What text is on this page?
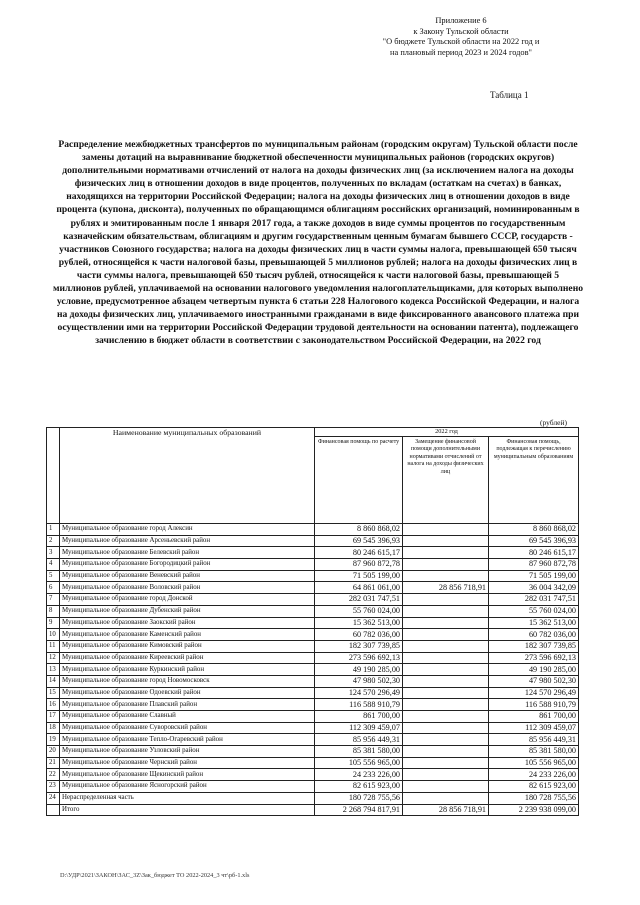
Приложение 6
к Закону Тульской области
"О бюджете Тульской области на 2022 год и
на плановый период 2023 и 2024 годов"
Таблица 1
Распределение межбюджетных трансфертов по муниципальным районам (городским округам) Тульской области после замены дотаций на выравнивание бюджетной обеспеченности муниципальных районов (городских округов) дополнительными нормативами отчислений от налога на доходы физических лиц (за исключением налога на доходы физических лиц в отношении доходов в виде процентов, полученных по вкладам (остаткам на счетах) в банках, находящихся на территории Российской Федерации; налога на доходы физических лиц в отношении доходов в виде процента (купона, дисконта), полученных по обращающимся облигациям российских организаций, номинированным в рублях и эмитированным после 1 января 2017 года, а также доходов в виде суммы процентов по государственным казначейским обязательствам, облигациям и другим государственным ценным бумагам бывшего СССР, государств - участников Союзного государства; налога на доходы физических лиц в части суммы налога, превышающей 650 тысяч рублей, относящейся к части налоговой базы, превышающей 5 миллионов рублей; налога на доходы физических лиц в части суммы налога, превышающей 650 тысяч рублей, относящейся к части налоговой базы, превышающей 5 миллионов рублей, уплачиваемой на основании налогового уведомления налогоплательщиками, для которых выполнено условие, предусмотренное абзацем четвертым пункта 6 статьи 228 Налогового кодекса Российской Федерации, и налога на доходы физических лиц, уплачиваемого иностранными гражданами в виде фиксированного авансового платежа при осуществлении ими на территории Российской Федерации трудовой деятельности на основании патента), подлежащего зачислению в бюджет области в соответствии с законодательством Российской Федерации, на 2022 год
(рублей)
	Наименование муниципальных образований	2022 год		
		Финансовая помощь по расчету	Замещение финансовой помощи дополнительными нормативами отчислений от налога на доходы физических лиц	Финансовая помощь, подлежащая к перечислению муниципальным образованиям
1	Муниципальное образование город Алексин	8 860 868,02		8 860 868,02
2	Муниципальное образование Арсеньевский район	69 545 396,93		69 545 396,93
3	Муниципальное образование Белевский район	80 246 615,17		80 246 615,17
4	Муниципальное образование Богородицкий район	87 960 872,78		87 960 872,78
5	Муниципальное образование Веневский район	71 505 199,00		71 505 199,00
6	Муниципальное образование Воловский район	64 861 061,00	28 856 718,91	36 004 342,09
7	Муниципальное образование город Донской	282 031 747,51		282 031 747,51
8	Муниципальное образование Дубенский район	55 760 024,00		55 760 024,00
9	Муниципальное образование Заокский район	15 362 513,00		15 362 513,00
10	Муниципальное образование Каменский район	60 782 036,00		60 782 036,00
11	Муниципальное образование Кимовский район	182 307 739,85		182 307 739,85
12	Муниципальное образование Киреевский район	273 596 692,13		273 596 692,13
13	Муниципальное образование Куркинский район	49 190 285,00		49 190 285,00
14	Муниципальное образование город Новомосковск	47 980 502,30		47 980 502,30
15	Муниципальное образование Одоевский район	124 570 296,49		124 570 296,49
16	Муниципальное образование Плавский район	116 588 910,79		116 588 910,79
17	Муниципальное образование Славный	861 700,00		861 700,00
18	Муниципальное образование Суворовский район	112 309 459,07		112 309 459,07
19	Муниципальное образование Тепло-Огаревский район	85 956 449,31		85 956 449,31
20	Муниципальное образование Узловский район	85 381 580,00		85 381 580,00
21	Муниципальное образование Чернский район	105 556 965,00		105 556 965,00
22	Муниципальное образование Щекинский район	24 233 226,00		24 233 226,00
23	Муниципальное образование Ясногорский район	82 615 923,00		82 615 923,00
24	Нераспределенная часть	180 728 755,56		180 728 755,56
	Итого	2 268 794 817,91	28 856 718,91	2 239 938 099,00
D:\УДР\2021\ЗАКОН\ЗАС_3Z\Зак_бюджет ТО 2022-2024_3 чт\рб-1.xls
